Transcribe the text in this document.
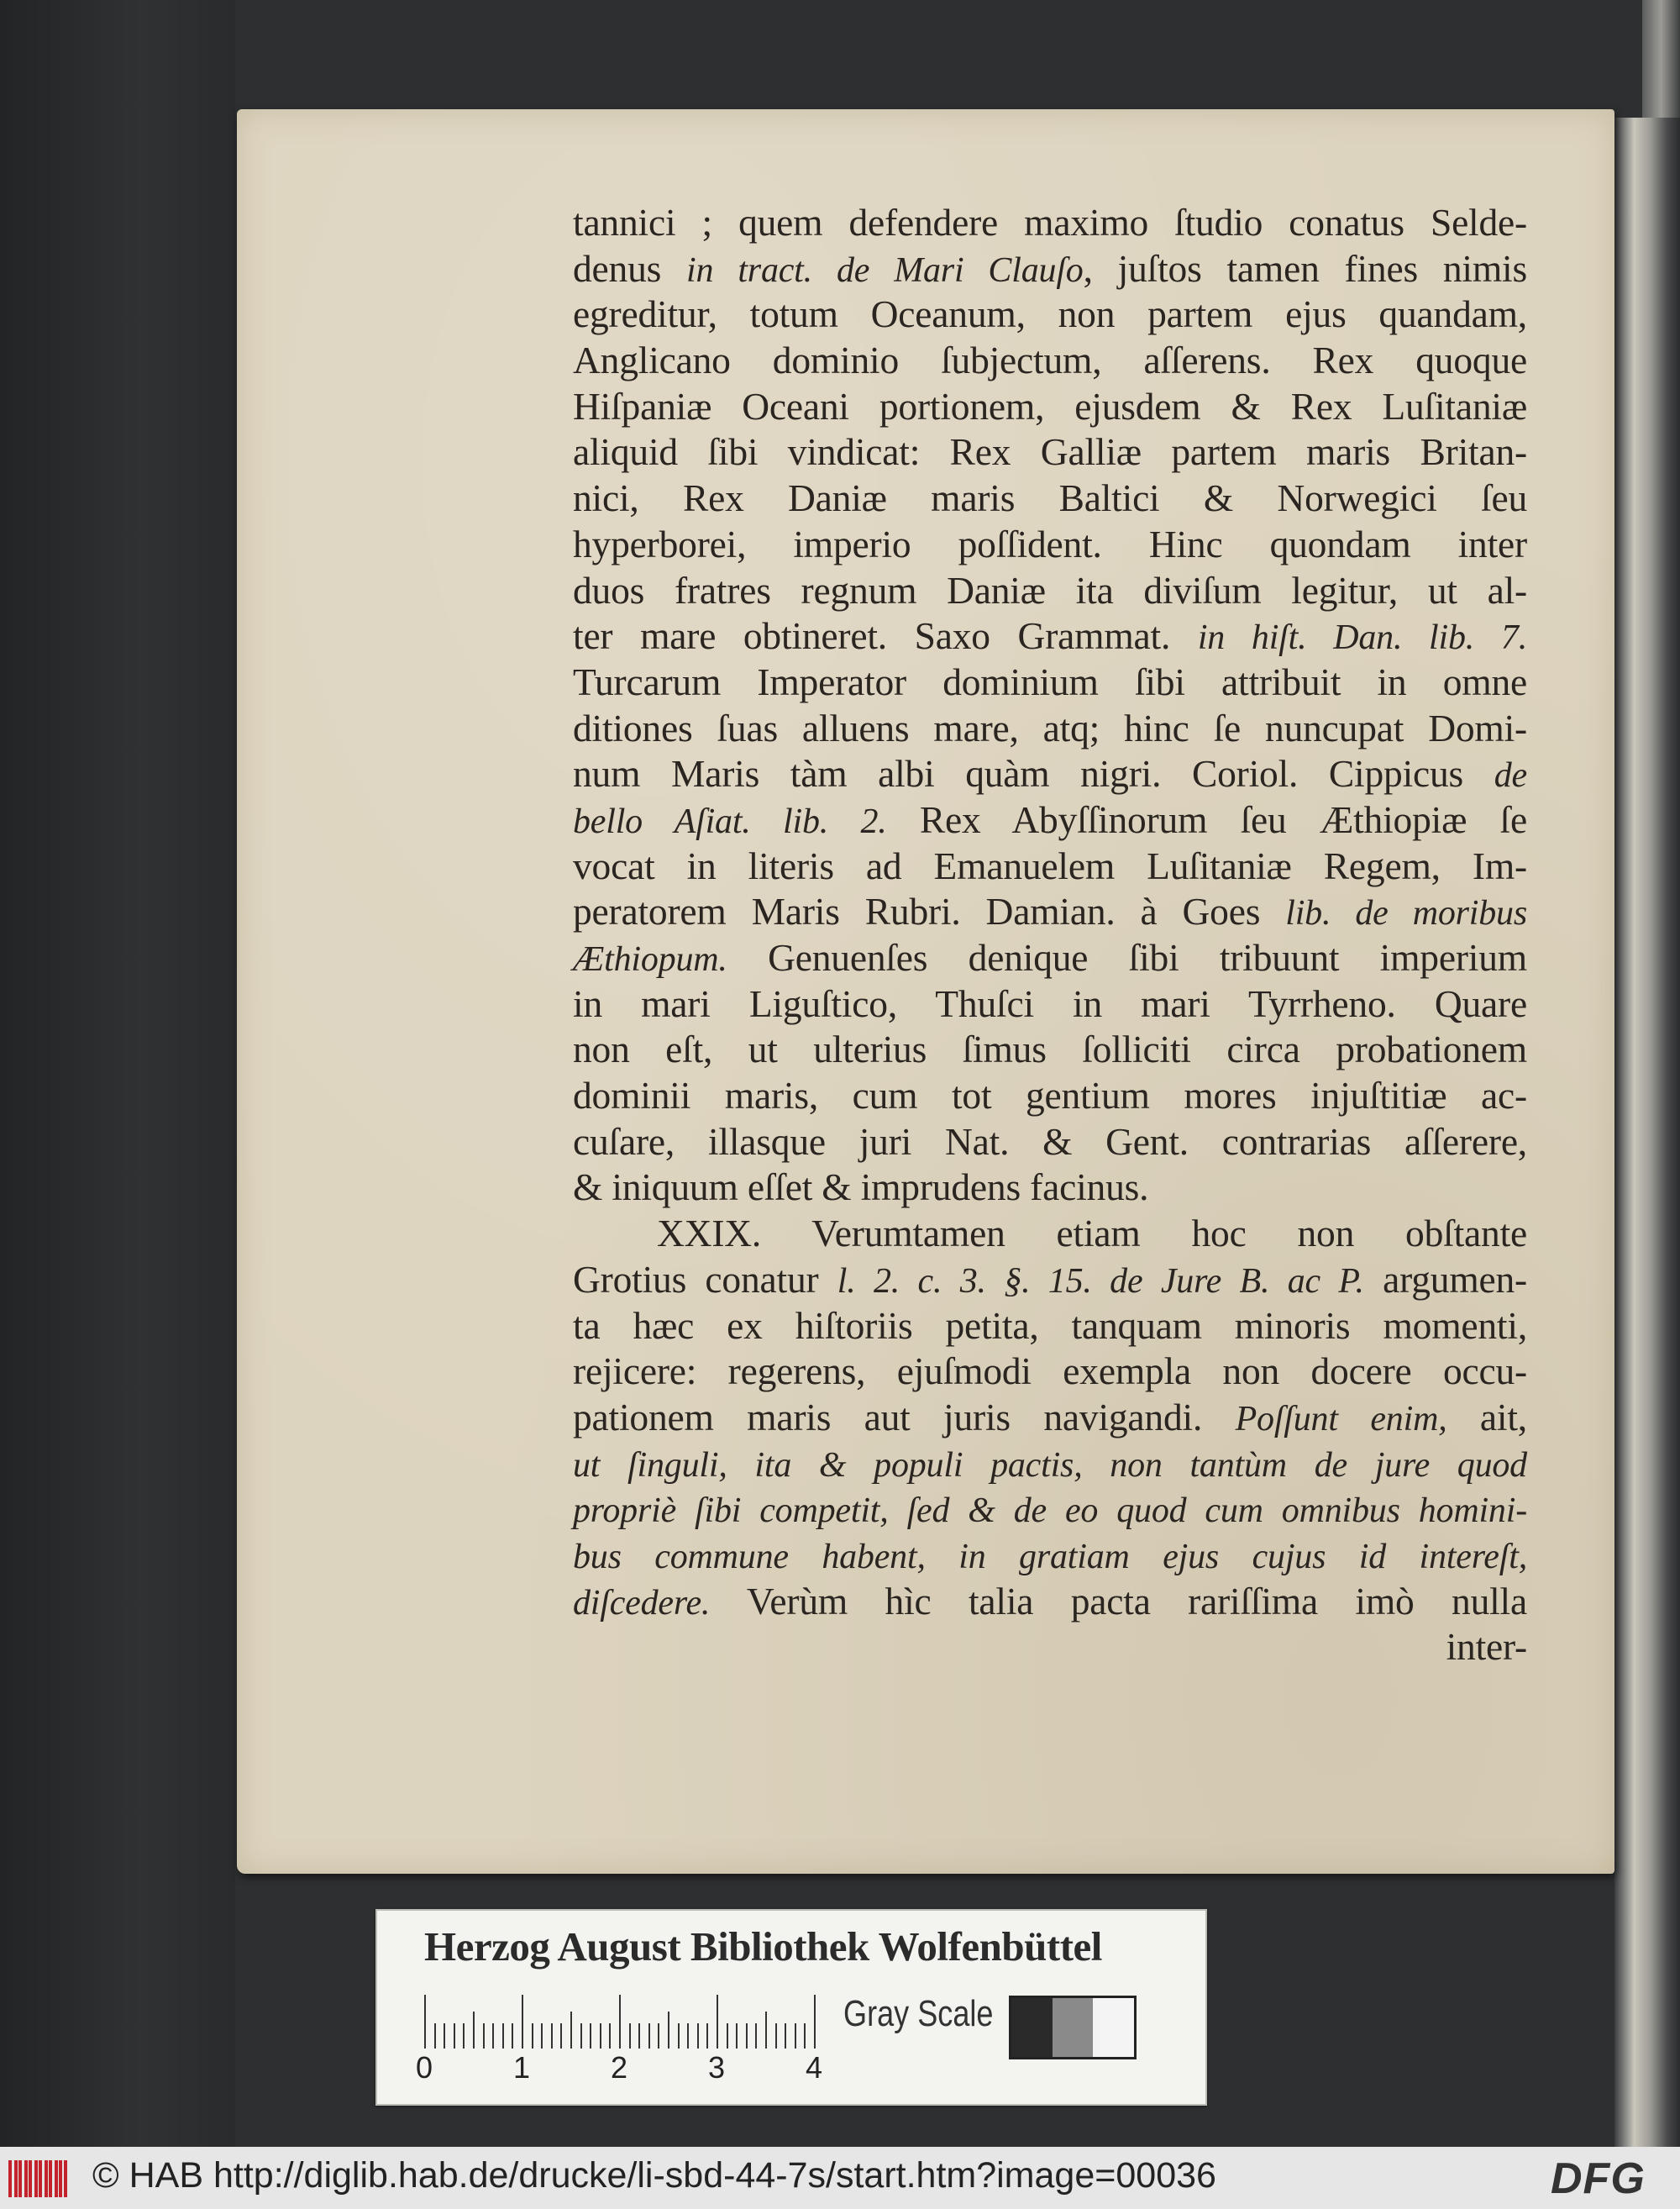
tannici ; quem defendere maximo ſtudio conatus Selde-
denus in tract. de Mari Clauſo, juſtos tamen fines nimis
egreditur, totum Oceanum, non partem ejus quandam,
Anglicano dominio ſubjectum, aſſerens. Rex quoque
Hiſpaniæ Oceani portionem, ejusdem & Rex Luſitaniæ
aliquid ſibi vindicat: Rex Galliæ partem maris Britan-
nici, Rex Daniæ maris Baltici & Norwegici ſeu
hyperborei, imperio poſſident. Hinc quondam inter
duos fratres regnum Daniæ ita diviſum legitur, ut al-
ter mare obtineret. Saxo Grammat. in hiſt. Dan. lib. 7.
Turcarum Imperator dominium ſibi attribuit in omne
ditiones ſuas alluens mare, atq; hinc ſe nuncupat Domi-
num Maris tàm albi quàm nigri. Coriol. Cippicus de
bello Aſiat. lib. 2. Rex Abyſſinorum ſeu Æthiopiæ ſe
vocat in literis ad Emanuelem Luſitaniæ Regem, Im-
peratorem Maris Rubri. Damian. à Goes lib. de moribus
Æthiopum. Genuenſes denique ſibi tribuunt imperium
in mari Liguſtico, Thuſci in mari Tyrrheno. Quare
non eſt, ut ulterius ſimus ſolliciti circa probationem
dominii maris, cum tot gentium mores injuſtitiæ ac-
cuſare, illasque juri Nat. & Gent. contrarias aſſerere,
& iniquum eſſet & imprudens facinus.
XXIX. Verumtamen etiam hoc non obſtante
Grotius conatur l. 2. c. 3. §. 15. de Jure B. ac P. argumen-
ta hæc ex hiſtoriis petita, tanquam minoris momenti,
rejicere: regerens, ejuſmodi exempla non docere occu-
pationem maris aut juris navigandi. Poſſunt enim, ait,
ut ſinguli, ita & populi pactis, non tantùm de jure quod
propriè ſibi competit, ſed & de eo quod cum omnibus homini-
bus commune habent, in gratiam ejus cujus id intereſt,
diſcedere. Verùm hìc talia pacta rariſſima imò nulla
inter-
Herzog August Bibliothek Wolfenbüttel
0	1	2	3	4
Gray Scale
© HAB http://diglib.hab.de/drucke/li-sbd-44-7s/start.htm?image=00036	DFG
